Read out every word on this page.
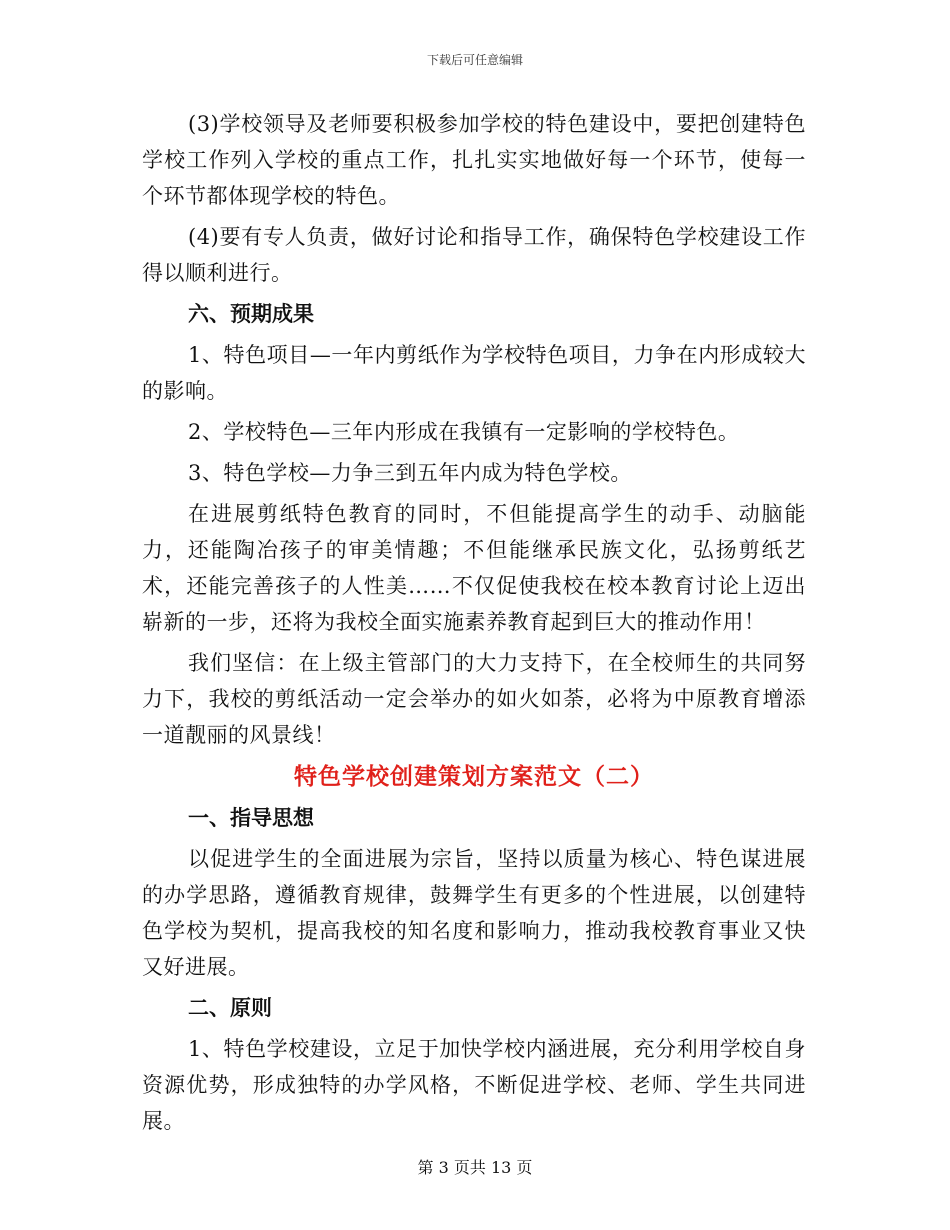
下载后可任意编辑

(3)学校领导及老师要积极参加学校的特色建设中，要把创建特色学校工作列入学校的重点工作，扎扎实实地做好每一个环节，使每一个环节都体现学校的特色。

(4)要有专人负责，做好讨论和指导工作，确保特色学校建设工作得以顺利进行。

六、预期成果

1、特色项目—一年内剪纸作为学校特色项目，力争在内形成较大的影响。

2、学校特色—三年内形成在我镇有一定影响的学校特色。

3、特色学校—力争三到五年内成为特色学校。

在进展剪纸特色教育的同时，不但能提高学生的动手、动脑能力，还能陶冶孩子的审美情趣；不但能继承民族文化，弘扬剪纸艺术，还能完善孩子的人性美……不仅促使我校在校本教育讨论上迈出崭新的一步，还将为我校全面实施素养教育起到巨大的推动作用！

我们坚信：在上级主管部门的大力支持下，在全校师生的共同努力下，我校的剪纸活动一定会举办的如火如荼，必将为中原教育增添一道靓丽的风景线！

特色学校创建策划方案范文（二）

一、指导思想

以促进学生的全面进展为宗旨，坚持以质量为核心、特色谋进展的办学思路，遵循教育规律，鼓舞学生有更多的个性进展，以创建特色学校为契机，提高我校的知名度和影响力，推动我校教育事业又快又好进展。

二、原则

1、特色学校建设，立足于加快学校内涵进展，充分利用学校自身资源优势，形成独特的办学风格，不断促进学校、老师、学生共同进展。

第 3 页共 13 页
